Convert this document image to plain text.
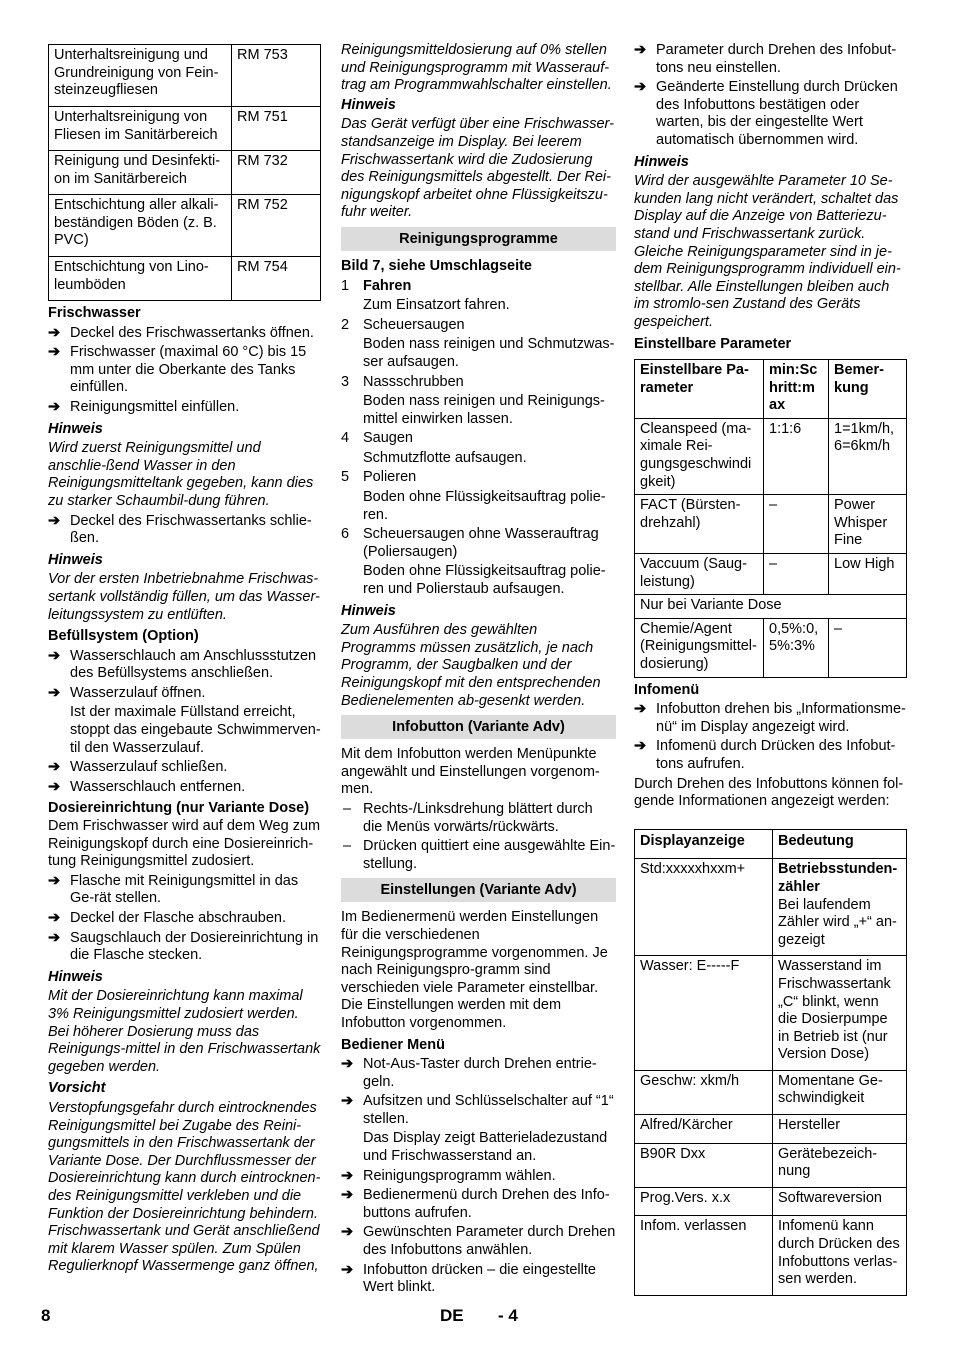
Unterhaltsreinigung und Grundreinigung von Fein-steinzeugfliesen	RM 753
Unterhaltsreinigung von Fliesen im Sanitärbereich	RM 751
Reinigung und Desinfekti-on im Sanitärbereich	RM 732
Entschichtung aller alkali-beständigen Böden (z. B. PVC)	RM 752
Entschichtung von Lino-leumböden	RM 754

Frischwasser

➔ Deckel des Frischwassertanks öffnen.
➔ Frischwasser (maximal 60 °C) bis 15 mm unter die Oberkante des Tanks einfüllen.
➔ Reinigungsmittel einfüllen.

Hinweis

Wird zuerst Reinigungsmittel und anschlie-ßend Wasser in den Reinigungsmitteltank gegeben, kann dies zu starker Schaumbil-dung führen.

➔ Deckel des Frischwassertanks schlie-ßen.

Hinweis

Vor der ersten Inbetriebnahme Frischwas-sertank vollständig füllen, um das Wasser-leitungssystem zu entlüften.

Befüllsystem (Option)

➔ Wasserschlauch am Anschlussstutzen des Befüllsystems anschließen.
➔ Wasserzulauf öffnen.

Ist der maximale Füllstand erreicht, stoppt das eingebaute Schwimmerven-til den Wasserzulauf.

➔ Wasserzulauf schließen.
➔ Wasserschlauch entfernen.

Dosiereinrichtung (nur Variante Dose)

Dem Frischwasser wird auf dem Weg zum Reinigungskopf durch eine Dosiereinrich-tung Reinigungsmittel zudosiert.

➔ Flasche mit Reinigungsmittel in das Ge-rät stellen.
➔ Deckel der Flasche abschrauben.
➔ Saugschlauch der Dosiereinrichtung in die Flasche stecken.

Hinweis

Mit der Dosiereinrichtung kann maximal 3% Reinigungsmittel zudosiert werden. Bei höherer Dosierung muss das Reinigungs-mittel in den Frischwassertank gegeben werden.

Vorsicht

Verstopfungsgefahr durch eintrocknendes Reinigungsmittel bei Zugabe des Reini-gungsmittels in den Frischwassertank der Variante Dose. Der Durchflussmesser der Dosiereinrichtung kann durch eintrocknen-des Reinigungsmittel verkleben und die Funktion der Dosiereinrichtung behindern. Frischwassertank und Gerät anschließend mit klarem Wasser spülen. Zum Spülen Regulierknopf Wassermenge ganz öffnen,

Reinigungsmitteldosierung auf 0% stellen und Reinigungsprogramm mit Wasserauf-trag am Programmwahlschalter einstellen.

Hinweis

Das Gerät verfügt über eine Frischwasser-standsanzeige im Display. Bei leerem Frischwassertank wird die Zudosierung des Reinigungsmittels abgestellt. Der Rei-nigungskopf arbeitet ohne Flüssigkeitszu-fuhr weiter.

Reinigungsprogramme

Bild 7, siehe Umschlagseite

1 Fahren

Zum Einsatzort fahren.

2 Scheuersaugen

Boden nass reinigen und Schmutzwas-ser aufsaugen.

3 Nassschrubben

Boden nass reinigen und Reinigungs-mittel einwirken lassen.

4 Saugen

Schmutzflotte aufsaugen.

5 Polieren

Boden ohne Flüssigkeitsauftrag polie-ren.

6 Scheuersaugen ohne Wasserauftrag (Poliersaugen)

Boden ohne Flüssigkeitsauftrag polie-ren und Polierstaub aufsaugen.

Hinweis

Zum Ausführen des gewählten Programms müssen zusätzlich, je nach Programm, der Saugbalken und der Reinigungskopf mit den entsprechenden Bedienelementen ab-gesenkt werden.

Infobutton (Variante Adv)

Mit dem Infobutton werden Menüpunkte angewählt und Einstellungen vorgenom-men.

– Rechts-/Linksdrehung blättert durch die Menüs vorwärts/rückwärts.
– Drücken quittiert eine ausgewählte Ein-stellung.
Einstellungen (Variante Adv)

Im Bedienermenü werden Einstellungen für die verschiedenen Reinigungsprogramme vorgenommen. Je nach Reinigungspro-gramm sind verschieden viele Parameter einstellbar. Die Einstellungen werden mit dem Infobutton vorgenommen.

Bediener Menü

➔ Not-Aus-Taster durch Drehen entrie-geln.
➔ Aufsitzen und Schlüsselschalter auf “1“ stellen.

Das Display zeigt Batterieladezustand und Frischwasserstand an.

➔ Reinigungsprogramm wählen.
➔ Bedienermenü durch Drehen des Info-buttons aufrufen.
➔ Gewünschten Parameter durch Drehen des Infobuttons anwählen.
➔ Infobutton drücken – die eingestellte Wert blinkt.
➔ Parameter durch Drehen des Infobut-tons neu einstellen.
➔ Geänderte Einstellung durch Drücken des Infobuttons bestätigen oder warten, bis der eingestellte Wert automatisch übernommen wird.

Hinweis

Wird der ausgewählte Parameter 10 Se-kunden lang nicht verändert, schaltet das Display auf die Anzeige von Batteriezu-stand und Frischwassertank zurück. Gleiche Reinigungsparameter sind in je-dem Reinigungsprogramm individuell ein-stellbar. Alle Einstellungen bleiben auch im stromlo-sen Zustand des Geräts gespeichert.

Einstellbare Parameter

Einstellbare Pa-rameter	min:Sc hritt:m ax	Bemer-kung
Cleanspeed (ma-ximale Rei-gungsgeschwindi gkeit)	1:1:6	1=1km/h, 6=6km/h
FACT (Bürsten-drehzahl)	–	Power Whisper Fine
Vaccuum (Saug-leistung)	–	Low High
Nur bei Variante Dose		
Chemie/Agent (Reinigungsmittel-dosierung)	0,5%:0, 5%:3%	–

Infomenü

➔ Infobutton drehen bis „Informationsme-nü“ im Display angezeigt wird.
➔ Infomenü durch Drücken des Infobut-tons aufrufen.

Durch Drehen des Infobuttons können fol-gende Informationen angezeigt werden:

Displayanzeige	Bedeutung
Std:xxxxxhxxm+	Betriebsstunden-zähler
Bei laufendem Zähler wird „+“ an-gezeigt

Wasser: E-----F	Wasserstand im Frischwassertank „C“ blinkt, wenn die Dosierpumpe in Betrieb ist (nur Version Dose)
Geschw: xkm/h	Momentane Ge-schwindigkeit
Alfred/Kärcher	Hersteller
B90R Dxx	Gerätebezeich-nung
Prog.Vers. x.x	Softwareversion
Infom. verlassen	Infomenü kann durch Drücken des Infobuttons verlas-sen werden.
8	DE - 4
